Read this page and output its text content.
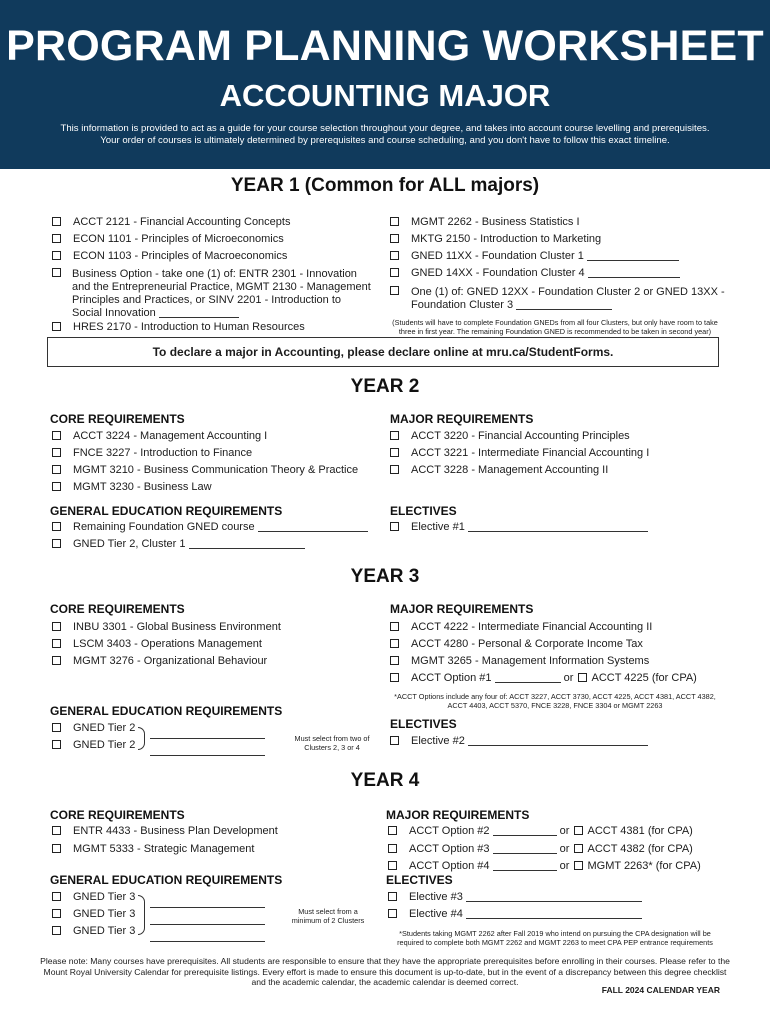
PROGRAM PLANNING WORKSHEET
ACCOUNTING MAJOR
This information is provided to act as a guide for your course selection throughout your degree, and takes into account course levelling and prerequisites.
Your order of courses is ultimately determined by prerequisites and course scheduling, and you don't have to follow this exact timeline.
YEAR 1 (Common for ALL majors)
ACCT 2121 - Financial Accounting Concepts
ECON 1101 - Principles of Microeconomics
ECON 1103 - Principles of Macroeconomics
Business Option - take one (1) of: ENTR 2301 - Innovation and the Entrepreneurial Practice, MGMT 2130 - Management Principles and Practices, or SINV 2201 - Introduction to Social Innovation
HRES 2170 - Introduction to Human Resources
MGMT 2262 - Business Statistics I
MKTG 2150 - Introduction to Marketing
GNED 11XX - Foundation Cluster 1
GNED 14XX - Foundation Cluster 4
One (1) of: GNED 12XX - Foundation Cluster 2 or GNED 13XX - Foundation Cluster 3
(Students will have to complete Foundation GNEDs from all four Clusters, but only have room to take three in first year. The remaining Foundation GNED is recommended to be taken in second year)
To declare a major in Accounting, please declare online at mru.ca/StudentForms.
YEAR 2
CORE REQUIREMENTS
ACCT 3224 - Management Accounting I
FNCE 3227 - Introduction to Finance
MGMT 3210 - Business Communication Theory & Practice
MGMT 3230 - Business Law
MAJOR REQUIREMENTS
ACCT 3220 - Financial Accounting Principles
ACCT 3221 - Intermediate Financial Accounting I
ACCT 3228 - Management Accounting II
GENERAL EDUCATION REQUIREMENTS
Remaining Foundation GNED course
GNED Tier 2, Cluster 1
ELECTIVES
Elective #1
YEAR 3
CORE REQUIREMENTS
INBU 3301 - Global Business Environment
LSCM 3403 - Operations Management
MGMT 3276 - Organizational Behaviour
MAJOR REQUIREMENTS
ACCT 4222 - Intermediate Financial Accounting II
ACCT 4280 - Personal & Corporate Income Tax
MGMT 3265 - Management Information Systems
ACCT Option #1	or ACCT 4225 (for CPA)
*ACCT Options include any four of: ACCT 3227, ACCT 3730, ACCT 4225, ACCT 4381, ACCT 4382, ACCT 4403, ACCT 5370, FNCE 3228, FNCE 3304 or MGMT 2263
GENERAL EDUCATION REQUIREMENTS
GNED Tier 2
GNED Tier 2
Must select from two of Clusters 2, 3 or 4
ELECTIVES
Elective #2
YEAR 4
CORE REQUIREMENTS
ENTR 4433 - Business Plan Development
MGMT 5333 - Strategic Management
MAJOR REQUIREMENTS
ACCT Option #2	or ACCT 4381 (for CPA)
ACCT Option #3	or ACCT 4382 (for CPA)
ACCT Option #4	or MGMT 2263* (for CPA)
GENERAL EDUCATION REQUIREMENTS
GNED Tier 3
GNED Tier 3
GNED Tier 3
Must select from a minimum of 2 Clusters
ELECTIVES
Elective #3
Elective #4
*Students taking MGMT 2262 after Fall 2019 who intend on pursuing the CPA designation will be required to complete both MGMT 2262 and MGMT 2263 to meet CPA PEP entrance requirements
Please note: Many courses have prerequisites. All students are responsible to ensure that they have the appropriate prerequisites before enrolling in their courses. Please refer to the Mount Royal University Calendar for prerequisite listings. Every effort is made to ensure this document is up-to-date, but in the event of a discrepancy between this degree checklist and the academic calendar, the academic calendar is deemed correct.
FALL 2024 CALENDAR YEAR
